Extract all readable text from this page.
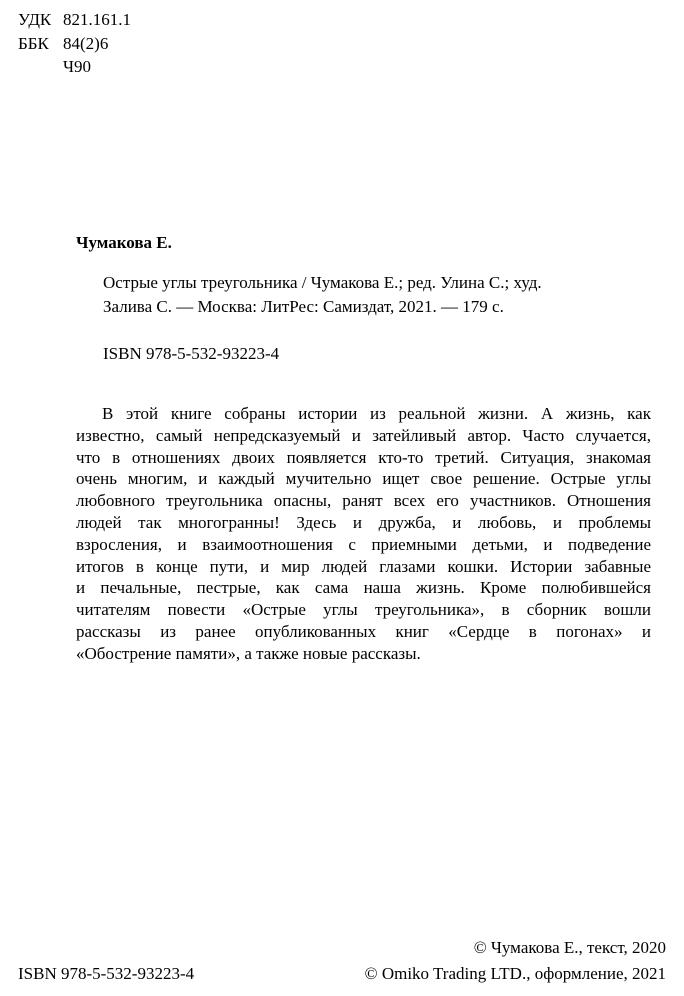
УДК 821.161.1
ББК 84(2)6
Ч90
Чумакова Е.
Острые углы треугольника / Чумакова Е.; ред. Улина С.; худ.
Залива С. — Москва: ЛитРес: Самиздат, 2021. — 179 с.
ISBN 978-5-532-93223-4
В этой книге собраны истории из реальной жизни. А жизнь, как
известно, самый непредсказуемый и затейливый автор. Часто случается,
что в отношениях двоих появляется кто-то третий. Ситуация, знакомая
очень многим, и каждый мучительно ищет свое решение. Острые углы
любовного треугольника опасны, ранят всех его участников. Отношения
людей так многогранны! Здесь и дружба, и любовь, и проблемы
взросления, и взаимоотношения с приемными детьми, и подведение
итогов в конце пути, и мир людей глазами кошки. Истории забавные
и печальные, пестрые, как сама наша жизнь. Кроме полюбившейся
читателям повести «Острые углы треугольника», в сборник вошли
рассказы из ранее опубликованных книг «Сердце в погонах» и
«Обострение памяти», а также новые рассказы.
© Чумакова Е., текст, 2020
ISBN 978-5-532-93223-4	© Omiko Trading LTD., оформление, 2021
